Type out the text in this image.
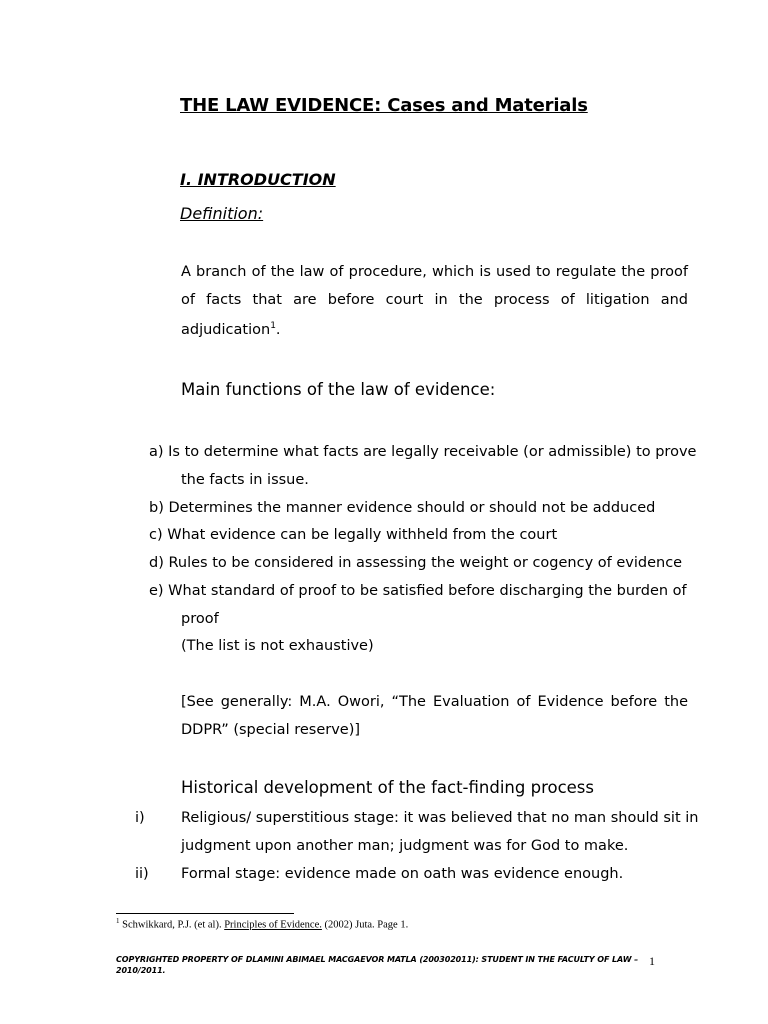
THE LAW EVIDENCE: Cases and Materials
I. INTRODUCTION
Definition:
A branch of the law of procedure, which is used to regulate the proof
of facts that are before court in the process of litigation and
adjudication$^1$.
Main functions of the law of evidence:
a) Is to determine what facts are legally receivable (or admissible) to prove
the facts in issue.
b) Determines the manner evidence should or should not be adduced
c) What evidence can be legally withheld from the court
d) Rules to be considered in assessing the weight or cogency of evidence
e) What standard of proof to be satisfied before discharging the burden of
proof
(The list is not exhaustive)
[See generally: M.A. Owori, “The Evaluation of Evidence before the
DDPR” (special reserve)]
Historical development of the fact-finding process
i)	Religious/ superstitious stage: it was believed that no man should sit in
judgment upon another man; judgment was for God to make.
ii) Formal stage: evidence made on oath was evidence enough.
$^1$ Schwikkard, P.J. (et al). Principles of Evidence. (2002) Juta. Page 1.
COPYRIGHTED PROPERTY OF DLAMINI ABIMAEL MACGAEVOR MATLA (200302011): STUDENT IN THE FACULTY OF LAW –
2010/2011.
1
